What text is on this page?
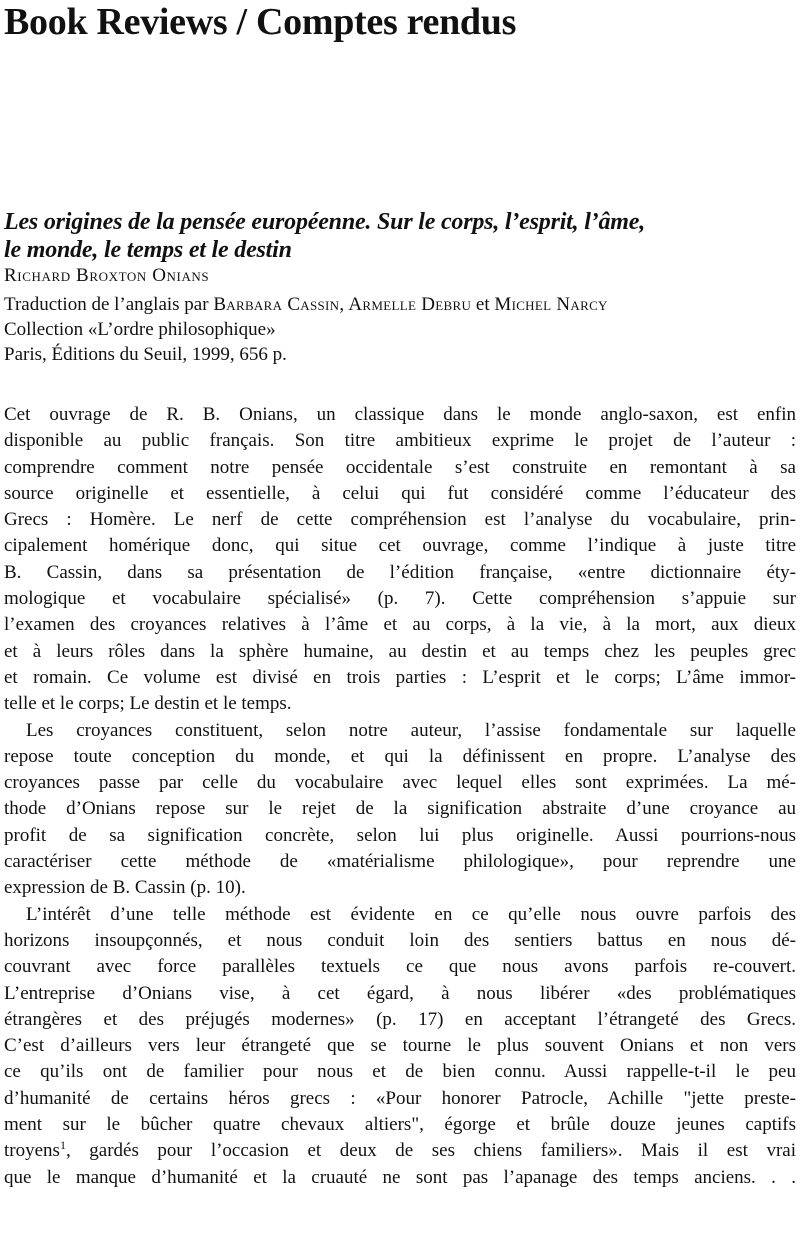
Book Reviews / Comptes rendus

Les origines de la pensée européenne. Sur le corps, l’esprit, l’âme,
le monde, le temps et le destin

Richard Broxton Onians

Traduction de l’anglais par Barbara Cassin, Armelle Debru et Michel Narcy

Collection «L’ordre philosophique»

Paris, Éditions du Seuil, 1999, 656 p.

Cet ouvrage de R. B. Onians, un classique dans le monde anglo-saxon, est enfin
disponible au public français. Son titre ambitieux exprime le projet de l’auteur :
comprendre comment notre pensée occidentale s’est construite en remontant à sa
source originelle et essentielle, à celui qui fut considéré comme l’éducateur des
Grecs : Homère. Le nerf de cette compréhension est l’analyse du vocabulaire, prin-
cipalement homérique donc, qui situe cet ouvrage, comme l’indique à juste titre
B. Cassin, dans sa présentation de l’édition française, «entre dictionnaire éty-
mologique et vocabulaire spécialisé» (p. 7). Cette compréhension s’appuie sur
l’examen des croyances relatives à l’âme et au corps, à la vie, à la mort, aux dieux
et à leurs rôles dans la sphère humaine, au destin et au temps chez les peuples grec
et romain. Ce volume est divisé en trois parties : L’esprit et le corps; L’âme immor-
telle et le corps; Le destin et le temps.
Les croyances constituent, selon notre auteur, l’assise fondamentale sur laquelle
repose toute conception du monde, et qui la définissent en propre. L’analyse des
croyances passe par celle du vocabulaire avec lequel elles sont exprimées. La mé-
thode d’Onians repose sur le rejet de la signification abstraite d’une croyance au
profit de sa signification concrète, selon lui plus originelle. Aussi pourrions-nous
caractériser cette méthode de «matérialisme philologique», pour reprendre une
expression de B. Cassin (p. 10).
L’intérêt d’une telle méthode est évidente en ce qu’elle nous ouvre parfois des
horizons insoupçonnés, et nous conduit loin des sentiers battus en nous dé-
couvrant avec force parallèles textuels ce que nous avons parfois re-couvert.
L’entreprise d’Onians vise, à cet égard, à nous libérer «des problématiques
étrangères et des préjugés modernes» (p. 17) en acceptant l’étrangeté des Grecs.
C’est d’ailleurs vers leur étrangeté que se tourne le plus souvent Onians et non vers
ce qu’ils ont de familier pour nous et de bien connu. Aussi rappelle-t-il le peu
d’humanité de certains héros grecs : «Pour honorer Patrocle, Achille "jette preste-
ment sur le bûcher quatre chevaux altiers", égorge et brûle douze jeunes captifs
troyens$^1$, gardés pour l’occasion et deux de ses chiens familiers». Mais il est vrai
que le manque d’humanité et la cruauté ne sont pas l’apanage des temps anciens. . .
